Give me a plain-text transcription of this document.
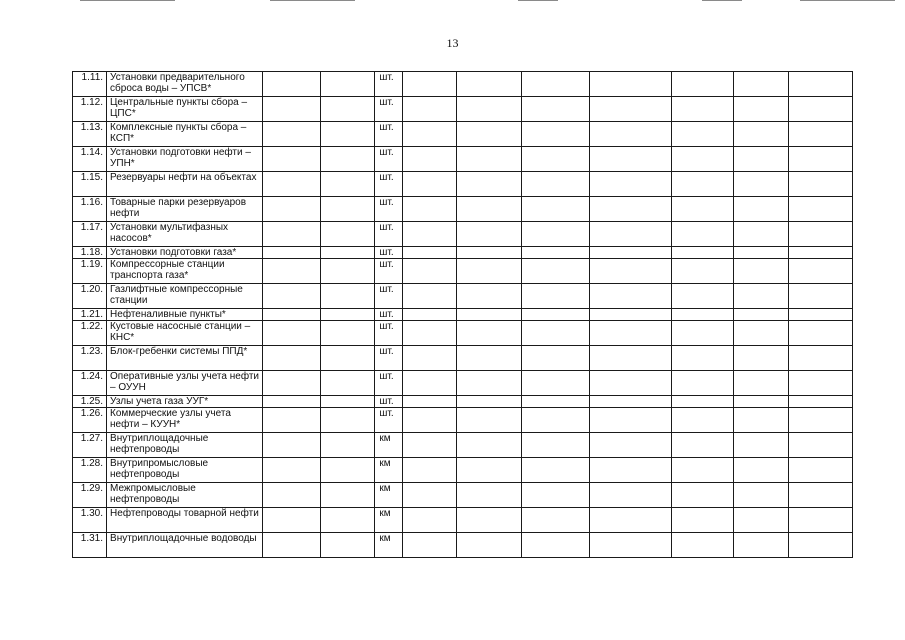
13
1.11.	Установки предварительного сброса воды – УПСВ*			шт.							
1.12.	Центральные пункты сбора – ЦПС*			шт.							
1.13.	Комплексные пункты сбора – КСП*			шт.							
1.14.	Установки подготовки нефти – УПН*			шт.							
1.15.	Резервуары нефти на объектах			шт.							
1.16.	Товарные парки резервуаров нефти			шт.							
1.17.	Установки мультифазных насосов*			шт.							
1.18.	Установки подготовки газа*			шт.							
1.19.	Компрессорные станции транспорта газа*			шт.							
1.20.	Газлифтные компрессорные станции			шт.							
1.21.	Нефтеналивные пункты*			шт.							
1.22.	Кустовые насосные станции – КНС*			шт.							
1.23.	Блок-гребенки системы ППД*			шт.							
1.24.	Оперативные узлы учета нефти – ОУУН			шт.							
1.25.	Узлы учета газа УУГ*			шт.							
1.26.	Коммерческие узлы учета нефти – КУУН*			шт.							
1.27.	Внутриплощадочные нефтепроводы			км							
1.28.	Внутрипромысловые нефтепроводы			км							
1.29.	Межпромысловые нефтепроводы			км							
1.30.	Нефтепроводы товарной нефти			км							
1.31.	Внутриплощадочные водоводы			км							
